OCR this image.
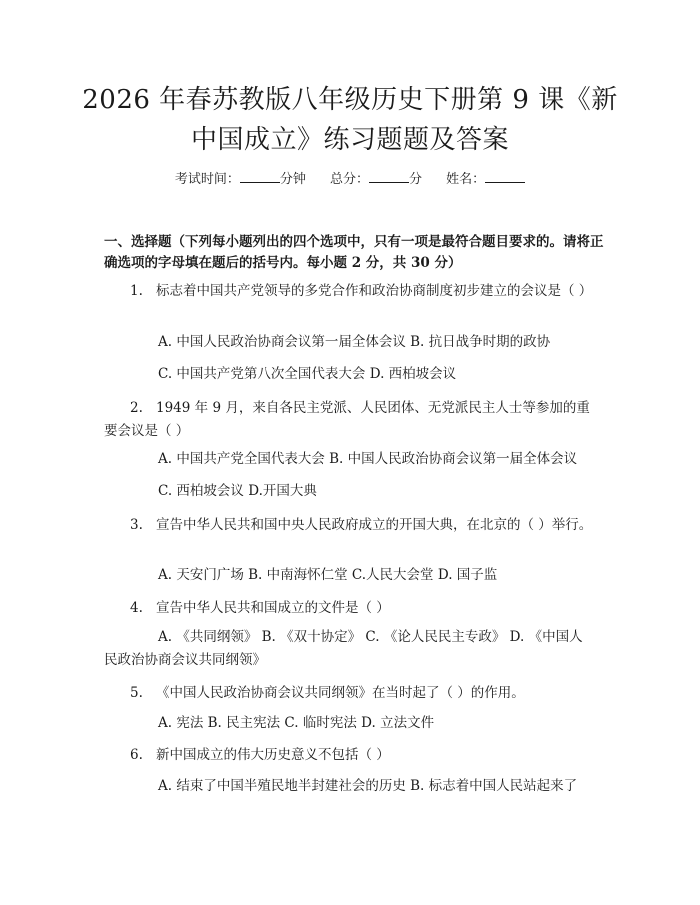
2026 年春苏教版八年级历史下册第 9 课《新
中国成立》练习题题及答案
考试时间：	分钟 总分：	分 姓名：
一、选择题（下列每小题列出的四个选项中，只有一项是最符合题目要求的。请将正确选项的字母填在题后的括号内。每小题 2 分，共 30 分）
1. 标志着中国共产党领导的多党合作和政治协商制度初步建立的会议是（ ）
A. 中国人民政治协商会议第一届全体会议 B. 抗日战争时期的政协
C. 中国共产党第八次全国代表大会 D. 西柏坡会议
2. 1949 年 9 月，来自各民主党派、人民团体、无党派民主人士等参加的重要会议是（ ）
A. 中国共产党全国代表大会 B. 中国人民政治协商会议第一届全体会议
C. 西柏坡会议 D.开国大典
3. 宣告中华人民共和国中央人民政府成立的开国大典，在北京的（ ）举行。
A. 天安门广场 B. 中南海怀仁堂 C.人民大会堂 D. 国子监
4. 宣告中华人民共和国成立的文件是（ ）
A. 《共同纲领》 B. 《双十协定》 C. 《论人民民主专政》 D. 《中国人民政治协商会议共同纲领》
5. 《中国人民政治协商会议共同纲领》在当时起了（ ）的作用。
A. 宪法 B. 民主宪法 C. 临时宪法 D. 立法文件
6. 新中国成立的伟大历史意义不包括（ ）
A. 结束了中国半殖民地半封建社会的历史 B. 标志着中国人民站起来了
